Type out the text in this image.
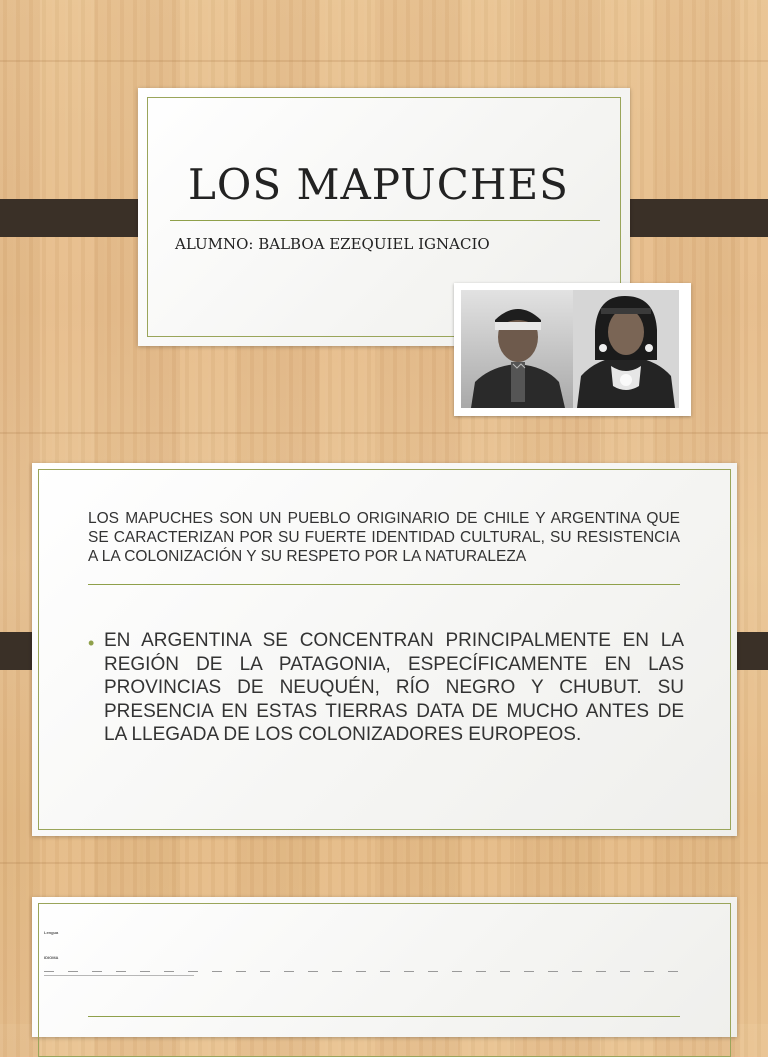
LOS MAPUCHES
ALUMNO: BALBOA EZEQUIEL IGNACIO
LOS MAPUCHES SON UN PUEBLO ORIGINARIO DE CHILE Y ARGENTINA QUE SE CARACTERIZAN POR SU FUERTE IDENTIDAD CULTURAL, SU RESISTENCIA A LA COLONIZACIÓN Y SU RESPETO POR LA NATURALEZA
• EN ARGENTINA SE CONCENTRAN PRINCIPALMENTE EN LA REGIÓN DE LA PATAGONIA, ESPECÍFICAMENTE EN LAS PROVINCIAS DE NEUQUÉN, RÍO NEGRO Y CHUBUT. SU PRESENCIA EN ESTAS TIERRAS DATA DE MUCHO ANTES DE LA LLEGADA DE LOS COLONIZADORES EUROPEOS.
Lengua
IDIOMA
